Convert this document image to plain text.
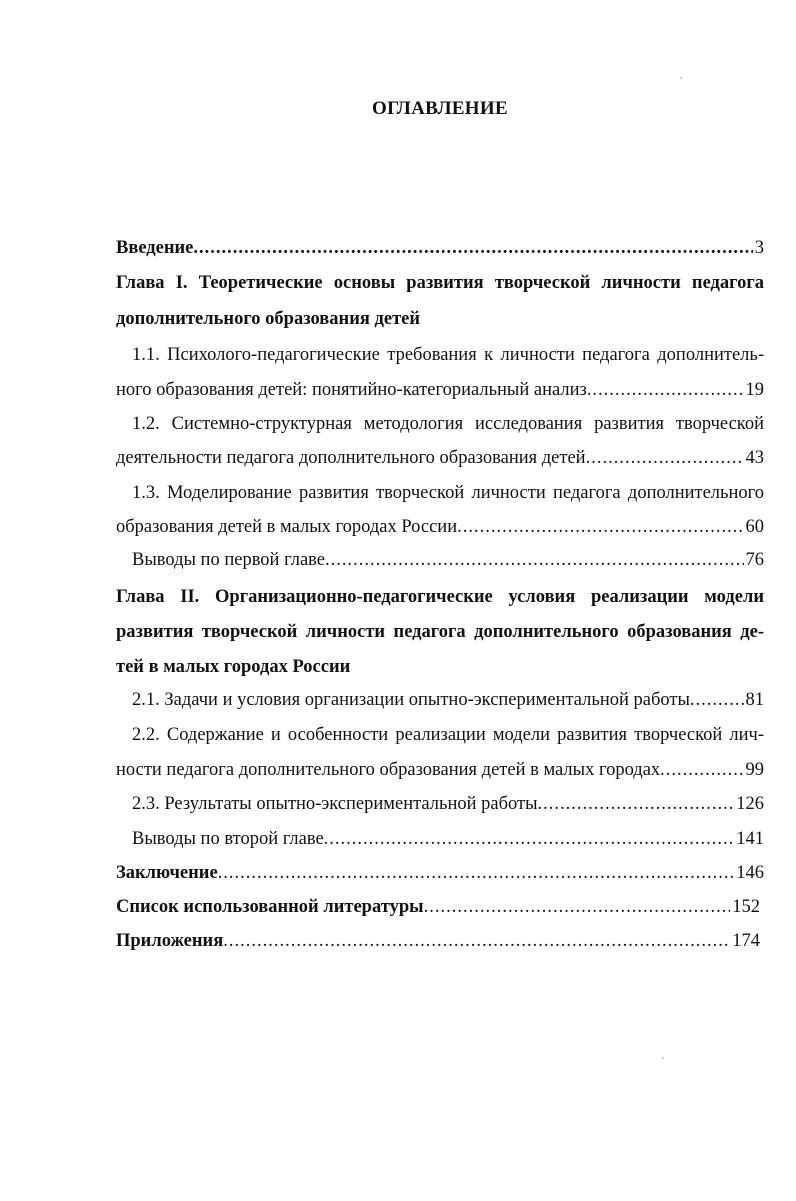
ОГЛАВЛЕНИЕ
Введение .....	3
Глава I. Теоретические основы развития творческой личности педагога
дополнительного образования детей
1.1. Психолого-педагогические требования к личности педагога дополнитель-
ного образования детей: понятийно-категориальный анализ .....	19
1.2. Системно-структурная методология исследования развития творческой
деятельности педагога дополнительного образования детей .....	43
1.3. Моделирование развития творческой личности педагога дополнительного
образования детей в малых городах России .....	60
Выводы по первой главе .....	76
Глава II. Организационно-педагогические условия реализации модели
развития творческой личности педагога дополнительного образования де-
тей в малых городах России
2.1. Задачи и условия организации опытно-экспериментальной работы .....	81
2.2. Содержание и особенности реализации модели развития творческой лич-
ности педагога дополнительного образования детей в малых городах .....	99
2.3. Результаты опытно-экспериментальной работы .....	126
Выводы по второй главе .....	141
Заключение .....	146
Список использованной литературы .....	152
Приложения .....	174
